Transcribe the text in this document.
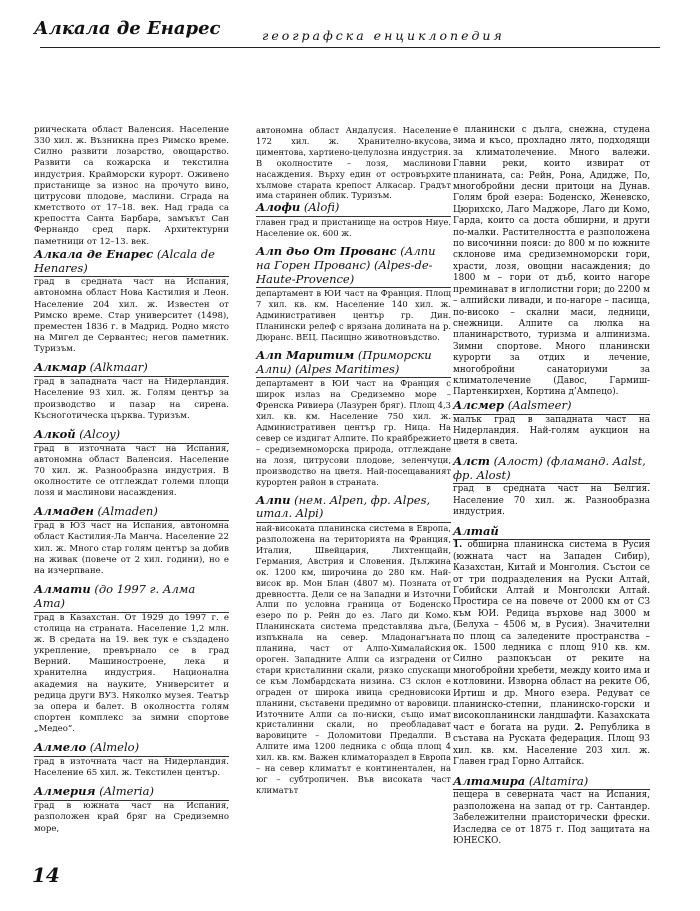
Алкала де Енарес	географска енциклопедия

риическата област Валенсия. Население 330 хил. ж. Възникна през Римско време. Силно развити лозарство, овощарство. Развити са кожарска и текстилна индустрия. Крайморски курорт. Оживено пристанище за износ на прочуто вино, цитрусови плодове, маслини. Сграда на кметството от 17–18. век. Над града са крепостта Санта Барбара, замъкът Сан Фернандо сред парк. Архитектурни паметници от 12–13. век.

Алкала де Енарес (Alcala de Henares)

град в средната част на Испания, автономна област Нова Кастилия и Леон. Население 204 хил. ж. Известен от Римско време. Стар университет (1498), преместен 1836 г. в Мадрид. Родно място на Мигел де Сервантес; негов паметник. Туризъм.

Алкмар (Alkmaar)

град в западната част на Нидерландия. Население 93 хил. ж. Голям център за производство и пазар на сирена. Късноготическа църква. Туризъм.

Алкой (Alcoy)

град в източната част на Испания, автономна област Валенсия. Население 70 хил. ж. Разнообразна индустрия. В околностите се отглеждат големи площи лозя и маслинови насаждения.

Алмаден (Almaden)

град в ЮЗ част на Испания, автономна област Кастилия-Ла Манча. Население 22 хил. ж. Много стар голям център за добив на живак (повече от 2 хил. години), но е на изчерпване.

Алмати (до 1997 г. Алма Ата)

град в Казахстан. От 1929 до 1997 г. е столица на страната. Население 1,2 млн. ж. В средата на 19. век тук е създадено укрепление, превърнало се в град Верний. Машиностроене, лека и хранителна индустрия. Национална академия на науките, Университет и редица други ВУЗ. Няколко музея. Театър за опера и балет. В околността голям спортен комплекс за зимни спортове „Медео“.

Алмело (Almelo)

град в източната част на Нидерландия. Население 65 хил. ж. Текстилен център.

Алмерия (Almeria)

град в южната част на Испания, разположен край бряг на Средиземно море,

автономна област Андалусия. Население 172 хил. ж. Хранително-вкусова, циментова, хартиено-целулозна индустрия. В околностите – лозя, маслинови насаждения. Върху един от островърхите хълмове старата крепост Алкасар. Градът има старинен облик. Туризъм.

Алофи (Alofi)

главен град и пристанище на остров Ниуе. Население ок. 600 ж.

Алп дьо От Прованс (Алпи на Горен Прованс) (Alpes-de-Haute-Provence)

департамент в ЮИ част на Франция. Площ 7 хил. кв. км. Население 140 хил. ж. Административен център гр. Дин. Планински релеф с врязана долината на р. Дюранс. ВЕЦ. Пасищно животновъдство.

Алп Маритим (Приморски Алпи) (Alpes Maritimes)

департамент в ЮИ част на Франция с широк излаз на Средиземно море – Френска Ривиера (Лазурен бряг). Площ 4,3 хил. кв. км. Население 750 хил. ж. Административен център гр. Ница. На север се издигат Алпите. По крайбрежието – средиземноморска природа, отглеждане на лозя, цитрусови плодове, зеленчуци, производство на цветя. Най-посещаваният курортен район в страната.

Алпи (нем. Alpen, фр. Alpes, итал. Alpi)

най-високата планинска система в Европа, разположена на територията на Франция, Италия, Швейцария, Лихтенщайн, Германия, Австрия и Словения. Дължина ок. 1200 км, широчина до 280 км. Най-висок вр. Мон Блан (4807 м). Позната от древността. Дели се на Западни и Източни Алпи по условна граница от Боденско езеро по р. Рейн до ез. Лаго ди Комо. Планинската система представлява дъга, изпъкнала на север. Младонагъната планина, част от Алпо-Хималайския ороген. Западните Алпи са изградени от стари кристалинни скали, рязко спускащи се към Ломбардската низина. СЗ склон е ограден от широка ивица средновисоки планини, съставени предимно от варовици. Източните Алпи са по-ниски, също имат кристалинни скали, но преобладават варовиците – Доломитови Предалпи. В Алпите има 1200 ледника с обща площ 4 хил. кв. км. Важен климатораздел в Европа – на север климатът е континентален, на юг – субтропичен. Във високата част климатът

е планински с дълга, снежна, студена зима и късо, прохладно лято, подходящи за климатолечение. Много валежи. Главни реки, които извират от планината, са: Рейн, Рона, Адидже, По, многобройни десни притоци на Дунав. Голям брой езера: Боденско, Женевско, Цюрихско, Лаго Маджоре, Лаго ди Комо, Гарда, които са доста обширни, и други по-малки. Растителността е разположена по височинни пояси: до 800 м по южните склонове има средиземноморски гори, храсти, лозя, овощни насаждения; до 1800 м – гори от дъб, които нагоре преминават в иглолистни гори; до 2200 м – алпийски ливади, и по-нагоре – пасища, по-високо – скални маси, ледници, снежници. Алпите са люлка на планинарството, туризма и алпинизма. Зимни спортове. Много планински курорти за отдих и лечение, многобройни санаториуми за климатолечение (Давос, Гармиш-Партенкирхен, Кортина д’Ампецо).

Алсмер (Aalsmeer)

малък град в западната част на Нидерландия. Най-голям аукцион на цветя в света.

Алст (Алост) (фламанд. Aalst, фр. Alost)

град в средната част на Белгия. Население 70 хил. ж. Разнообразна индустрия.

Алтай

1. обширна планинска система в Русия (южната част на Западен Сибир), Казахстан, Китай и Монголия. Състои се от три подразделения на Руски Алтай, Гобийски Алтай и Монголски Алтай. Простира се на повече от 2000 км от СЗ към ЮИ. Редица върхове над 3000 м (Белуха – 4506 м, в Русия). Значителни по площ са заледените пространства – ок. 1500 ледника с площ 910 кв. км. Силно разпокъсан от реките на многобройни хребети, между които има и котловини. Изворна област на реките Об, Иртиш и др. Много езера. Редуват се планинско-степни, планинско-горски и високопланински ландшафти. Казахската част е богата на руди. 2. Република в състава на Руската федерация. Площ 93 хил. кв. км. Население 203 хил. ж. Главен град Горно Алтайск.

Алтамира (Altamira)

пещера в северната част на Испания, разположена на запад от гр. Сантандер. Забележителни праисторически фрески. Изследва се от 1875 г. Под защитата на ЮНЕСКО.

14
